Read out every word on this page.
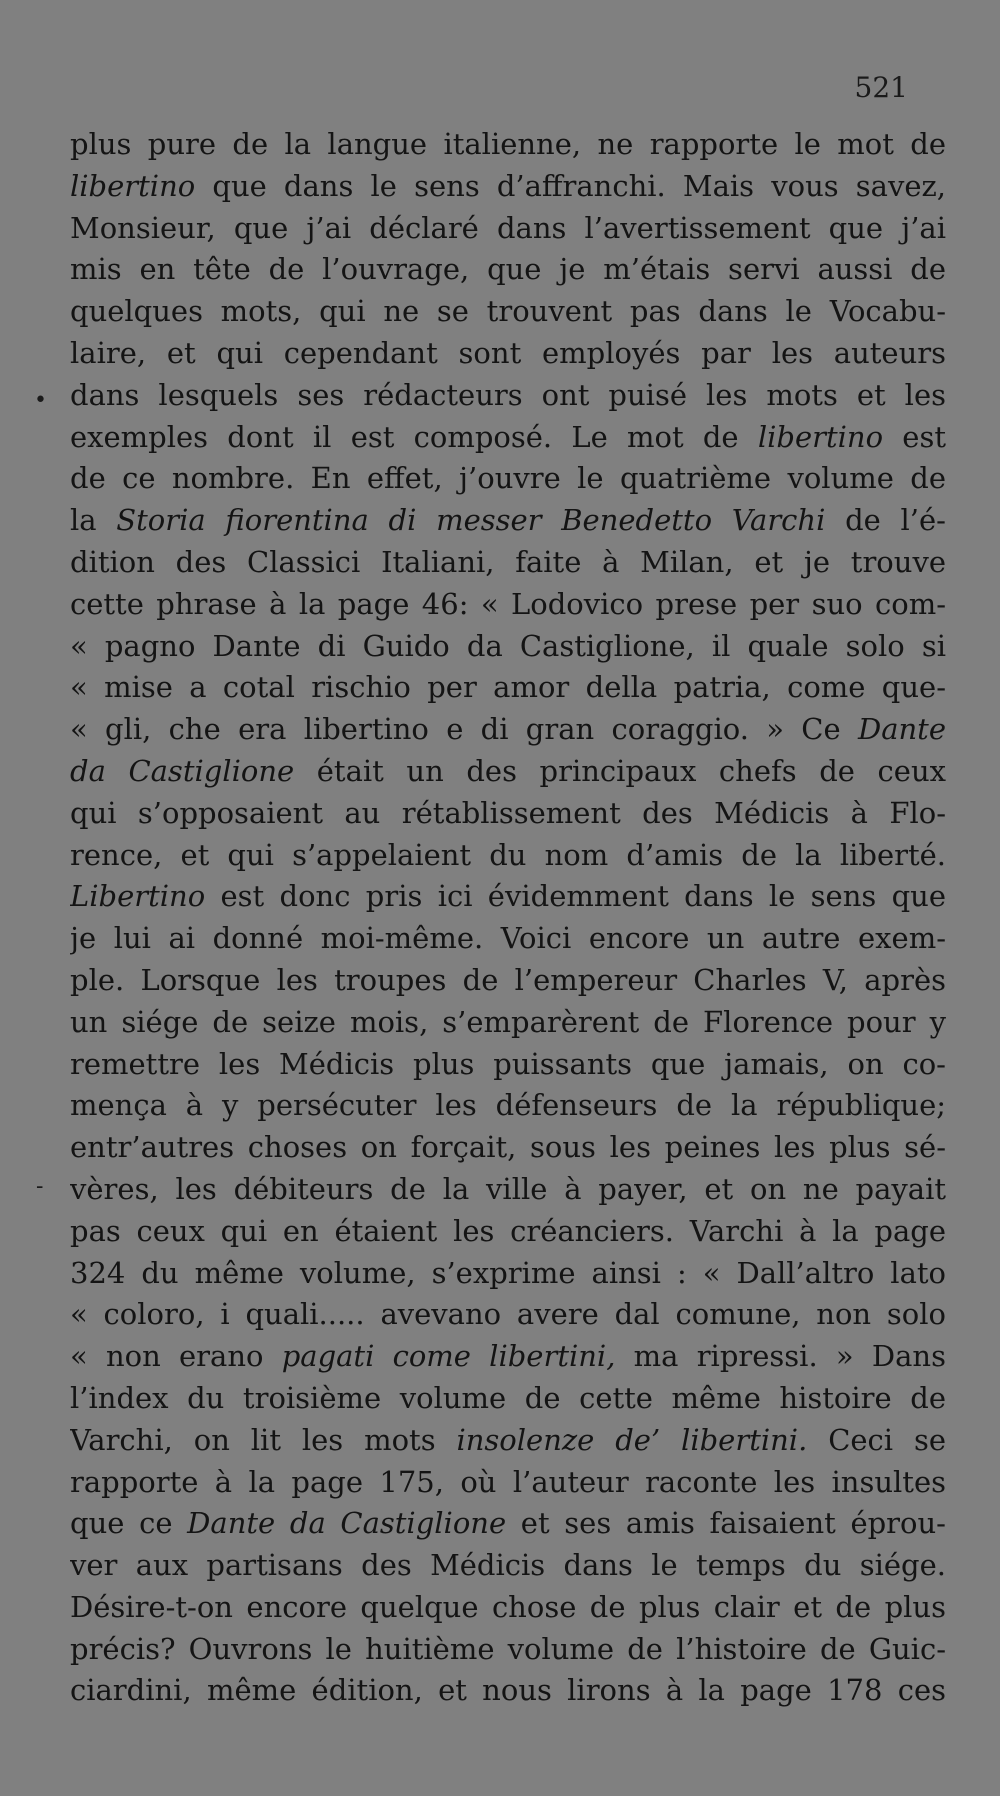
521
•
-
plus pure de la langue italienne, ne rapporte le mot de
libertino que dans le sens d’affranchi. Mais vous savez,
Monsieur, que j’ai déclaré dans l’avertissement que j’ai
mis en tête de l’ouvrage, que je m’étais servi aussi de
quelques mots, qui ne se trouvent pas dans le Vocabu-
laire, et qui cependant sont employés par les auteurs
dans lesquels ses rédacteurs ont puisé les mots et les
exemples dont il est composé. Le mot de libertino est
de ce nombre. En effet, j’ouvre le quatrième volume de
la Storia fiorentina di messer Benedetto Varchi de l’é-
dition des Classici Italiani, faite à Milan, et je trouve
cette phrase à la page 46: « Lodovico prese per suo com-
« pagno Dante di Guido da Castiglione, il quale solo si
« mise a cotal rischio per amor della patria, come que-
« gli, che era libertino e di gran coraggio. » Ce Dante
da Castiglione était un des principaux chefs de ceux
qui s’opposaient au rétablissement des Médicis à Flo-
rence, et qui s’appelaient du nom d’amis de la liberté.
Libertino est donc pris ici évidemment dans le sens que
je lui ai donné moi-même. Voici encore un autre exem-
ple. Lorsque les troupes de l’empereur Charles V, après
un siége de seize mois, s’emparèrent de Florence pour y
remettre les Médicis plus puissants que jamais, on co-
mença à y persécuter les défenseurs de la république;
entr’autres choses on forçait, sous les peines les plus sé-
vères, les débiteurs de la ville à payer, et on ne payait
pas ceux qui en étaient les créanciers. Varchi à la page
324 du même volume, s’exprime ainsi : « Dall’altro lato
« coloro, i quali..... avevano avere dal comune, non solo
« non erano pagati come libertini, ma ripressi. » Dans
l’index du troisième volume de cette même histoire de
Varchi, on lit les mots insolenze de’ libertini. Ceci se
rapporte à la page 175, où l’auteur raconte les insultes
que ce Dante da Castiglione et ses amis faisaient éprou-
ver aux partisans des Médicis dans le temps du siége.
Désire-t-on encore quelque chose de plus clair et de plus
précis? Ouvrons le huitième volume de l’histoire de Guic-
ciardini, même édition, et nous lirons à la page 178 ces
